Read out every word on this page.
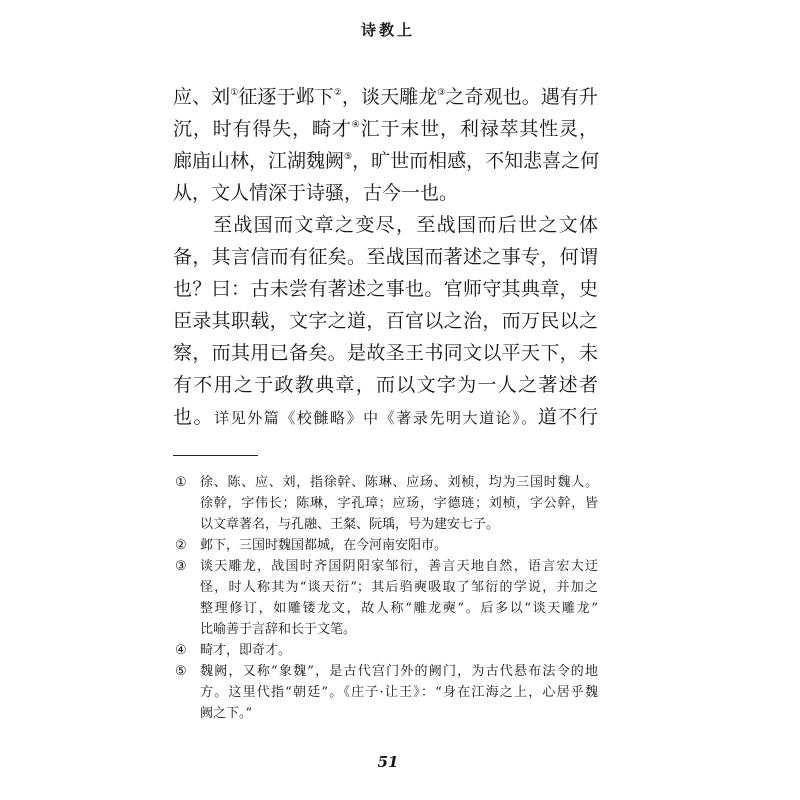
诗教上
应、刘①征逐于邺下②，谈天雕龙③之奇观也。遇有升
沉，时有得失，畸才④汇于末世，利禄萃其性灵，
廊庙山林，江湖魏阙⑤，旷世而相感，不知悲喜之何
从，文人情深于诗骚，古今一也。
至战国而文章之变尽，至战国而后世之文体
备，其言信而有征矣。至战国而著述之事专，何谓
也？曰：古未尝有著述之事也。官师守其典章，史
臣录其职载，文字之道，百官以之治，而万民以之
察，而其用已备矣。是故圣王书同文以平天下，未
有不用之于政教典章，而以文字为一人之著述者
也。详见外篇《校雠略》中《著录先明大道论》。道不行
①	徐、陈、应、刘，指徐幹、陈琳、应玚、刘桢，均为三国时魏人。
徐幹，字伟长；陈琳，字孔璋；应玚，字德琏；刘桢，字公幹，皆
以文章著名，与孔融、王粲、阮瑀，号为建安七子。
②	邺下，三国时魏国都城，在今河南安阳市。
③	谈天雕龙，战国时齐国阴阳家邹衍，善言天地自然，语言宏大迂
怪，时人称其为“谈天衍”；其后驺奭吸取了邹衍的学说，并加之
整理修订，如雕镂龙文，故人称“雕龙奭”。后多以“谈天雕龙”
比喻善于言辞和长于文笔。
④	畸才，即奇才。
⑤	魏阙，又称“象魏”，是古代宫门外的阙门，为古代悬布法令的地
方。这里代指“朝廷”。《庄子·让王》：“身在江海之上，心居乎魏
阙之下。”
51
